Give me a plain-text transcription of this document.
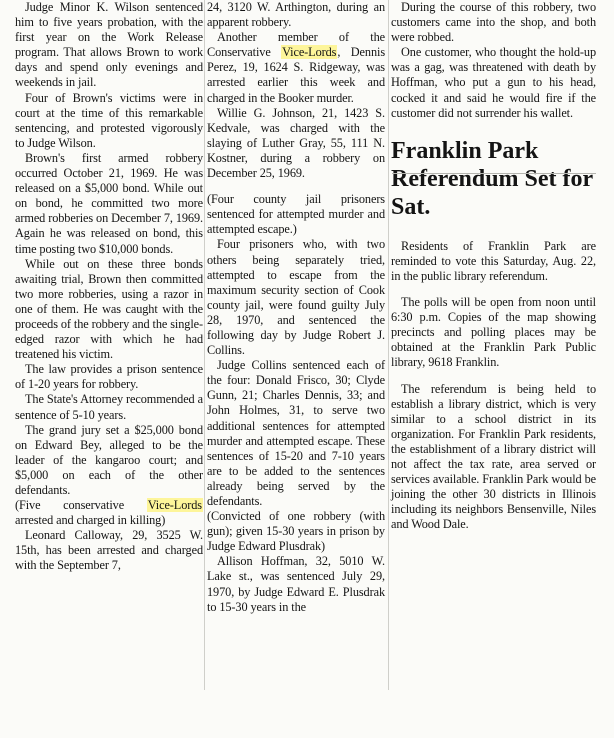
Judge Minor K. Wilson sentenced him to five years probation, with the first year on the Work Release program. That allows Brown to work days and spend only evenings and weekends in jail.

Four of Brown's victims were in court at the time of this remarkable sentencing, and protested vigorously to Judge Wilson.

Brown's first armed robbery occurred October 21, 1969. He was released on a $5,000 bond. While out on bond, he committed two more armed robberies on December 7, 1969. Again he was released on bond, this time posting two $10,000 bonds.

While out on these three bonds awaiting trial, Brown then committed two more robberies, using a razor in one of them. He was caught with the proceeds of the robbery and the single-edged razor with which he had treatened his victim.

The law provides a prison sentence of 1-20 years for robbery.

The State's Attorney recommended a sentence of 5-10 years.

The grand jury set a $25,000 bond on Edward Bey, alleged to be the leader of the kangaroo court; and $5,000 on each of the other defendants.

(Five conservative Vice-Lords arrested and charged in killing)

Leonard Calloway, 29, 3525 W. 15th, has been arrested and charged with the September 7,

24, 3120 W. Arthington, during an apparent robbery.

Another member of the Conservative Vice-Lords, Dennis Perez, 19, 1624 S. Ridgeway, was arrested earlier this week and charged in the Booker murder.

Willie G. Johnson, 21, 1423 S. Kedvale, was charged with the slaying of Luther Gray, 55, 111 N. Kostner, during a robbery on December 25, 1969.

(Four county jail prisoners sentenced for attempted murder and attempted escape.)

Four prisoners who, with two others being separately tried, attempted to escape from the maximum security section of Cook county jail, were found guilty July 28, 1970, and sentenced the following day by Judge Robert J. Collins.

Judge Collins sentenced each of the four: Donald Frisco, 30; Clyde Gunn, 21; Charles Dennis, 33; and John Holmes, 31, to serve two additional sentences for attempted murder and attempted escape. These sentences of 15-20 and 7-10 years are to be added to the sentences already being served by the defendants.

(Convicted of one robbery (with gun); given 15-30 years in prison by Judge Edward Plusdrak)

Allison Hoffman, 32, 5010 W. Lake st., was sentenced July 29, 1970, by Judge Edward E. Plusdrak to 15-30 years in the

During the course of this robbery, two customers came into the shop, and both were robbed.

One customer, who thought the hold-up was a gag, was threatened with death by Hoffman, who put a gun to his head, cocked it and said he would fire if the customer did not surrender his wallet.

Franklin Park Referendum Set for Sat.

Residents of Franklin Park are reminded to vote this Saturday, Aug. 22, in the public library referendum.

The polls will be open from noon until 6:30 p.m. Copies of the map showing precincts and polling places may be obtained at the Franklin Park Public library, 9618 Franklin.

The referendum is being held to establish a library district, which is very similar to a school district in its organization. For Franklin Park residents, the establishment of a library district will not affect the tax rate, area served or services available. Franklin Park would be joining the other 30 districts in Illinois including its neighbors Bensenville, Niles and Wood Dale.
